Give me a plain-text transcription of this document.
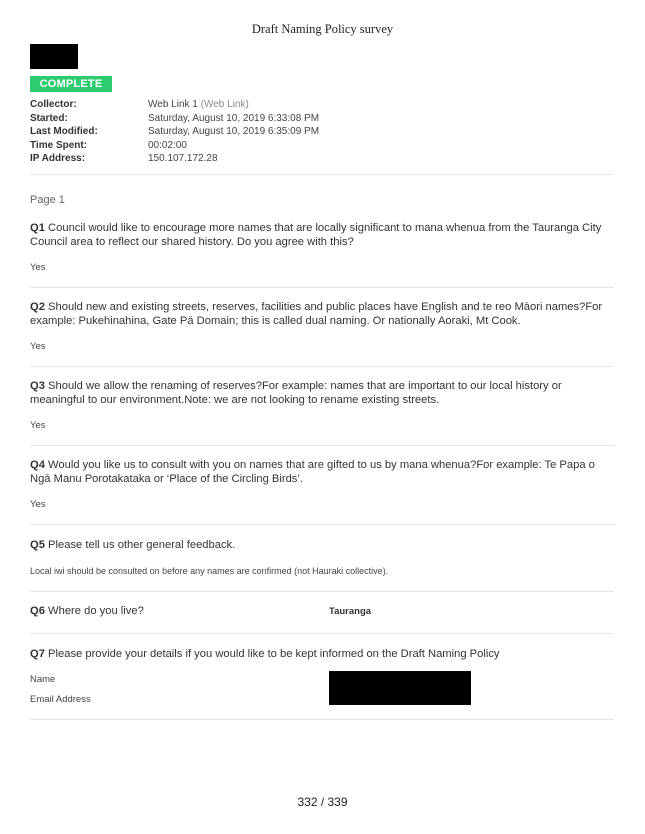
Draft Naming Policy survey
COMPLETE
Collector:	Web Link 1 (Web Link)
Started:	Saturday, August 10, 2019 6:33:08 PM
Last Modified:	Saturday, August 10, 2019 6:35:09 PM
Time Spent:	00:02:00
IP Address:	150.107.172.28
Page 1
Q1 Council would like to encourage more names that are locally significant to mana whenua from the Tauranga City Council area to reflect our shared history. Do you agree with this?
Yes
Q2 Should new and existing streets, reserves, facilities and public places have English and te reo Māori names?For example: Pukehinahina, Gate Pā Domain; this is called dual naming. Or nationally Aoraki, Mt Cook.
Yes
Q3 Should we allow the renaming of reserves?For example: names that are important to our local history or meaningful to our environment.Note: we are not looking to rename existing streets.
Yes
Q4 Would you like us to consult with you on names that are gifted to us by mana whenua?For example: Te Papa o Ngā Manu Porotakataka or ‘Place of the Circling Birds’.
Yes
Q5 Please tell us other general feedback.
Local iwi should be consulted on before any names are confirmed (not Hauraki collective).
Q6 Where do you live?	Tauranga
Q7 Please provide your details if you would like to be kept informed on the Draft Naming Policy
Name
Email Address
332 / 339
